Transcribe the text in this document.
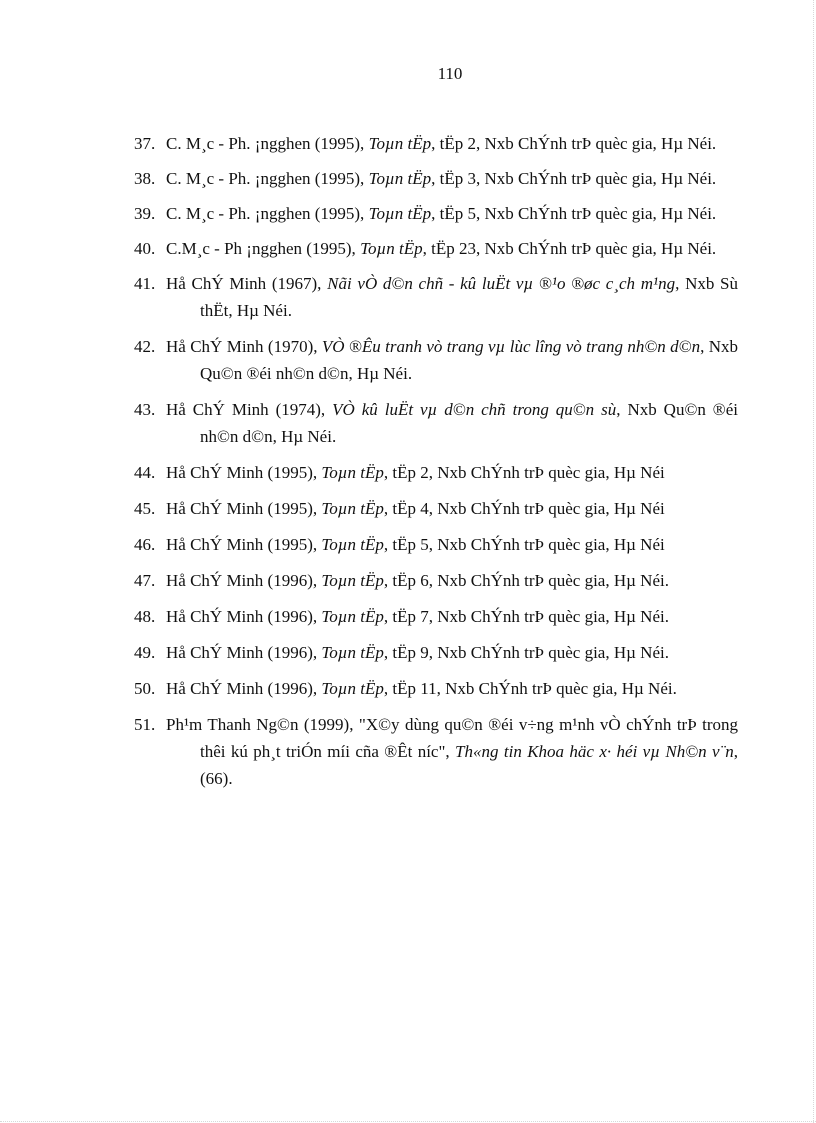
110
37. C. M¸c - Ph. ¡ngghen (1995), Toµn tËp, tËp 2, Nxb ChÝnh trÞ quèc gia, Hµ Néi.
38. C. M¸c - Ph. ¡ngghen (1995), Toµn tËp, tËp 3, Nxb ChÝnh trÞ quèc gia, Hµ Néi.
39. C. M¸c - Ph. ¡ngghen (1995), Toµn tËp, tËp 5, Nxb ChÝnh trÞ quèc gia, Hµ Néi.
40. C.M¸c - Ph ¡ngghen (1995), Toµn tËp, tËp 23, Nxb ChÝnh trÞ quèc gia, Hµ Néi.
41. Hå ChÝ Minh (1967), Nãi vÒ d©n chñ - kû luËt vµ ®¹o ®øc c¸ch m¹ng, Nxb Sù thËt, Hµ Néi.
42. Hå ChÝ Minh (1970), VÒ ®Êu tranh vò trang vµ lùc lîng vò trang nh©n d©n, Nxb Qu©n ®éi nh©n d©n, Hµ Néi.
43. Hå ChÝ Minh (1974), VÒ kû luËt vµ d©n chñ trong qu©n sù, Nxb Qu©n ®éi nh©n d©n, Hµ Néi.
44. Hå ChÝ Minh (1995), Toµn tËp, tËp 2, Nxb ChÝnh trÞ quèc gia, Hµ Néi
45. Hå ChÝ Minh (1995), Toµn tËp, tËp 4, Nxb ChÝnh trÞ quèc gia, Hµ Néi
46. Hå ChÝ Minh (1995), Toµn tËp, tËp 5, Nxb ChÝnh trÞ quèc gia, Hµ Néi
47. Hå ChÝ Minh (1996), Toµn tËp, tËp 6, Nxb ChÝnh trÞ quèc gia, Hµ Néi.
48. Hå ChÝ Minh (1996), Toµn tËp, tËp 7, Nxb ChÝnh trÞ quèc gia, Hµ Néi.
49. Hå ChÝ Minh (1996), Toµn tËp, tËp 9, Nxb ChÝnh trÞ quèc gia, Hµ Néi.
50. Hå ChÝ Minh (1996), Toµn tËp, tËp 11, Nxb ChÝnh trÞ quèc gia, Hµ Néi.
51. Ph¹m Thanh Ng©n (1999), "X©y dùng qu©n ®éi v÷ng m¹nh vÒ chÝnh trÞ trong thêi kú ph¸t triÓn míi cña ®Êt níc", Th«ng tin Khoa häc x· héi vµ Nh©n v¨n, (66).
